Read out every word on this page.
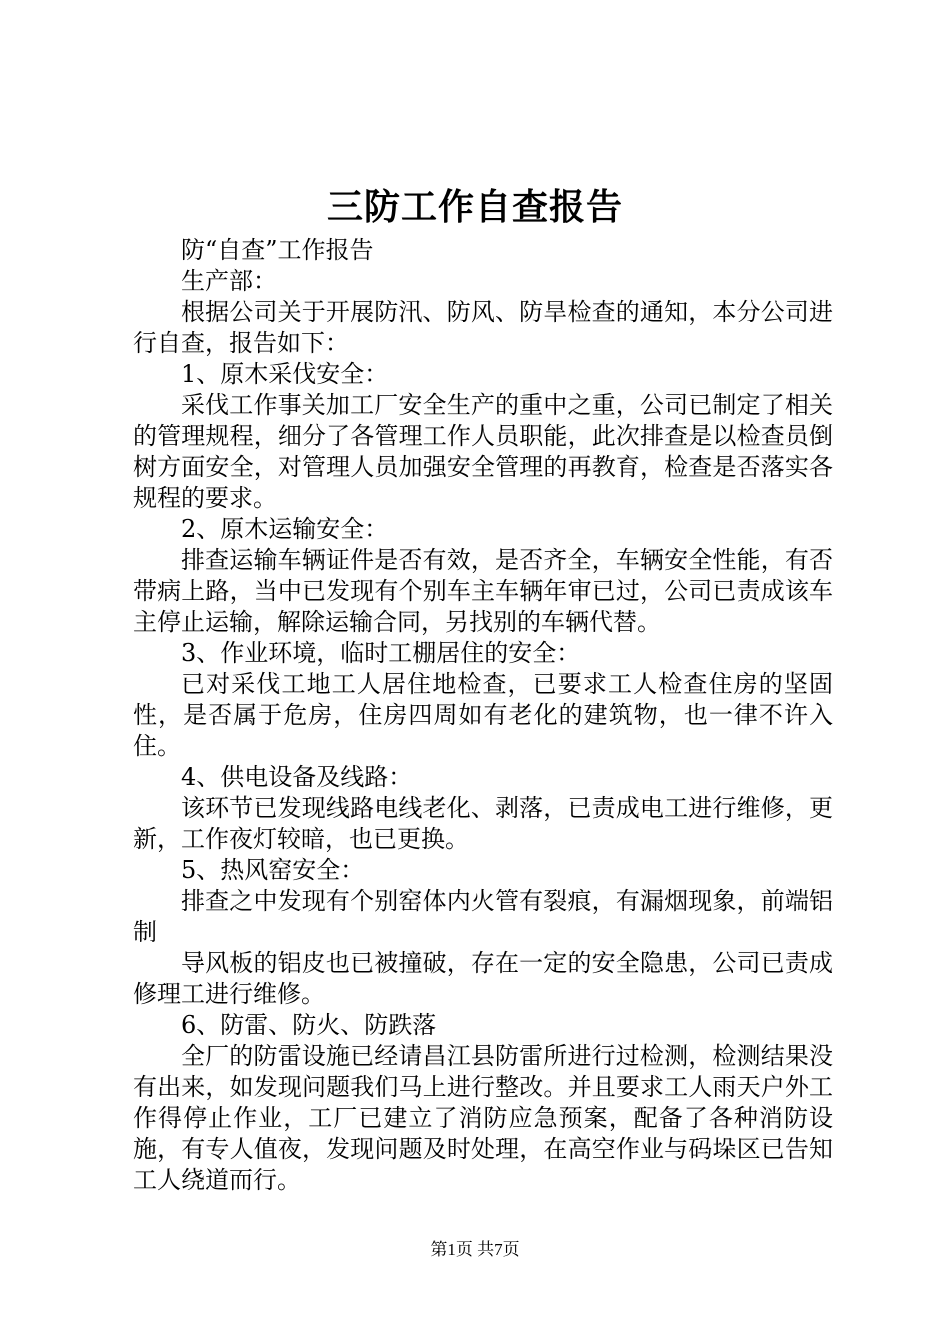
三防工作自查报告

防“自查”工作报告

生产部：

根据公司关于开展防汛、防风、防旱检查的通知，本分公司进行自查，报告如下：

1、原木采伐安全：

采伐工作事关加工厂安全生产的重中之重，公司已制定了相关的管理规程，细分了各管理工作人员职能，此次排查是以检查员倒树方面安全，对管理人员加强安全管理的再教育，检查是否落实各规程的要求。

2、原木运输安全：

排查运输车辆证件是否有效，是否齐全，车辆安全性能，有否带病上路，当中已发现有个别车主车辆年审已过，公司已责成该车主停止运输，解除运输合同，另找别的车辆代替。

3、作业环境，临时工棚居住的安全：

已对采伐工地工人居住地检查，已要求工人检查住房的坚固性，是否属于危房，住房四周如有老化的建筑物，也一律不许入住。

4、供电设备及线路：

该环节已发现线路电线老化、剥落，已责成电工进行维修，更新，工作夜灯较暗，也已更换。

5、热风窑安全：

排查之中发现有个别窑体内火管有裂痕，有漏烟现象，前端铝制

导风板的铝皮也已被撞破，存在一定的安全隐患，公司已责成修理工进行维修。

6、防雷、防火、防跌落

全厂的防雷设施已经请昌江县防雷所进行过检测，检测结果没有出来，如发现问题我们马上进行整改。并且要求工人雨天户外工作得停止作业，工厂已建立了消防应急预案，配备了各种消防设施，有专人值夜，发现问题及时处理，在高空作业与码垛区已告知工人绕道而行。

第1页 共7页
